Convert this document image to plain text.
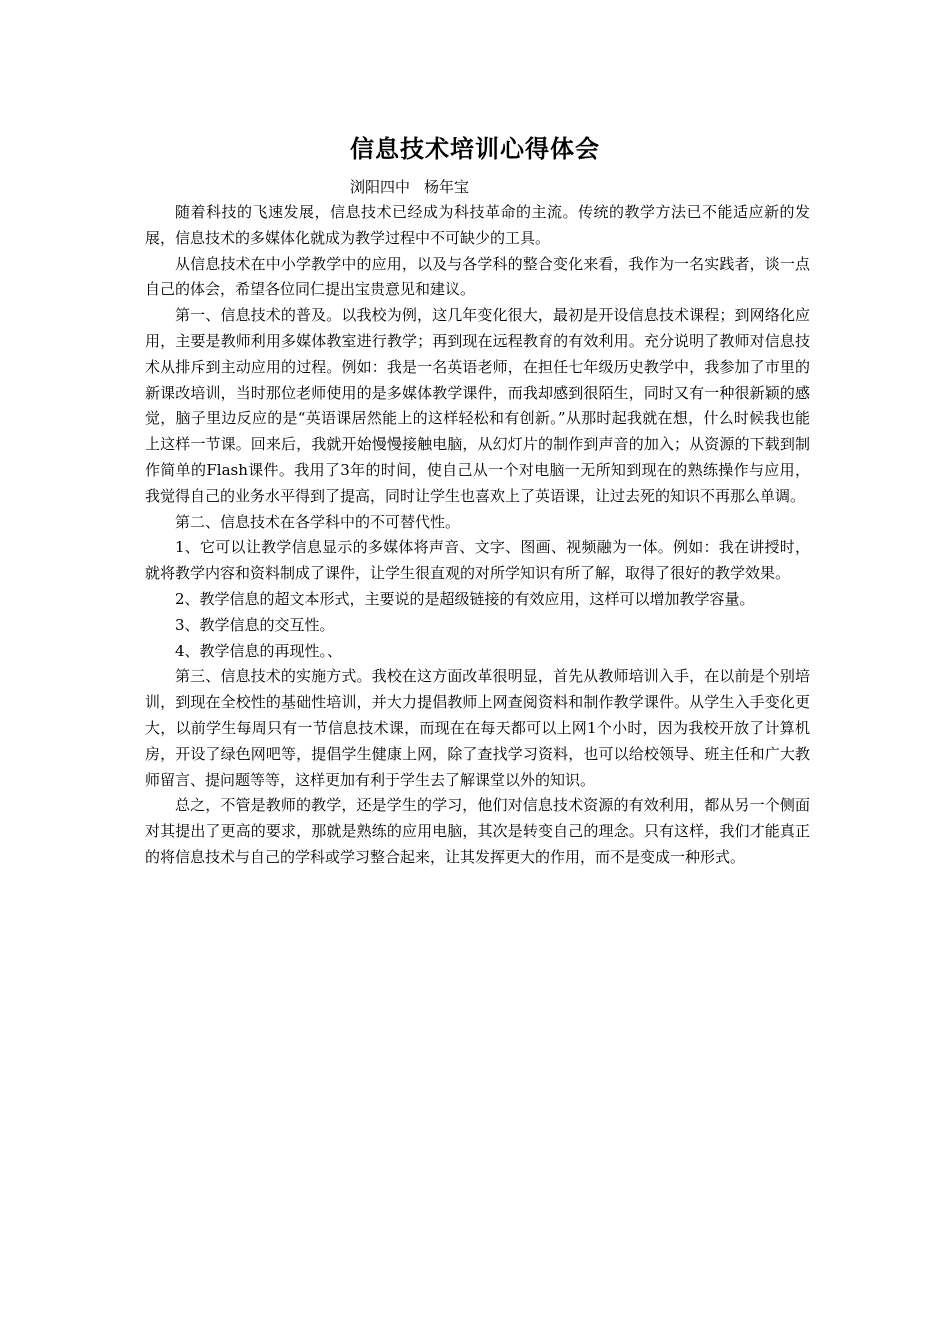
信息技术培训心得体会
浏阳四中 杨年宝

随着科技的飞速发展，信息技术已经成为科技革命的主流。传统的教学方法已不能适应新的发展，信息技术的多媒体化就成为教学过程中不可缺少的工具。

从信息技术在中小学教学中的应用，以及与各学科的整合变化来看，我作为一名实践者，谈一点自己的体会，希望各位同仁提出宝贵意见和建议。

第一、信息技术的普及。以我校为例，这几年变化很大，最初是开设信息技术课程；到网络化应用，主要是教师利用多媒体教室进行教学；再到现在远程教育的有效利用。充分说明了教师对信息技术从排斥到主动应用的过程。例如：我是一名英语老师，在担任七年级历史教学中，我参加了市里的新课改培训，当时那位老师使用的是多媒体教学课件，而我却感到很陌生，同时又有一种很新颖的感觉，脑子里边反应的是“英语课居然能上的这样轻松和有创新。”从那时起我就在想，什么时候我也能上这样一节课。回来后，我就开始慢慢接触电脑，从幻灯片的制作到声音的加入；从资源的下载到制作简单的Flash课件。我用了3年的时间，使自己从一个对电脑一无所知到现在的熟练操作与应用，我觉得自己的业务水平得到了提高，同时让学生也喜欢上了英语课，让过去死的知识不再那么单调。

第二、信息技术在各学科中的不可替代性。

1、它可以让教学信息显示的多媒体将声音、文字、图画、视频融为一体。例如：我在讲授时，就将教学内容和资料制成了课件，让学生很直观的对所学知识有所了解，取得了很好的教学效果。

2、教学信息的超文本形式，主要说的是超级链接的有效应用，这样可以增加教学容量。

3、教学信息的交互性。

4、教学信息的再现性。、

第三、信息技术的实施方式。我校在这方面改革很明显，首先从教师培训入手，在以前是个别培训，到现在全校性的基础性培训，并大力提倡教师上网查阅资料和制作教学课件。从学生入手变化更大，以前学生每周只有一节信息技术课，而现在在每天都可以上网1个小时，因为我校开放了计算机房，开设了绿色网吧等，提倡学生健康上网，除了查找学习资料，也可以给校领导、班主任和广大教师留言、提问题等等，这样更加有利于学生去了解课堂以外的知识。

总之，不管是教师的教学，还是学生的学习，他们对信息技术资源的有效利用，都从另一个侧面对其提出了更高的要求，那就是熟练的应用电脑，其次是转变自己的理念。只有这样，我们才能真正的将信息技术与自己的学科或学习整合起来，让其发挥更大的作用，而不是变成一种形式。
